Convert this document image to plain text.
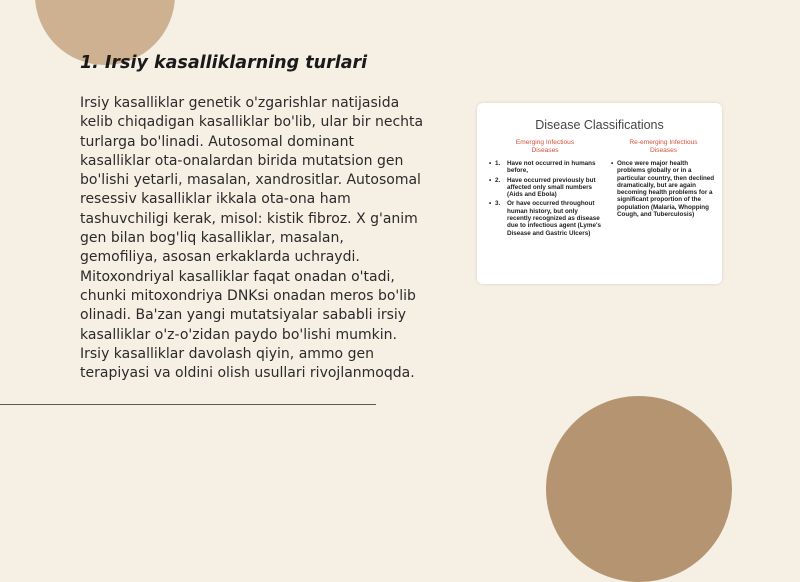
1. Irsiy kasalliklarning turlari
Irsiy kasalliklar genetik o'zgarishlar natijasida kelib chiqadigan kasalliklar bo'lib, ular bir nechta turlarga bo'linadi. Autosomal dominant kasalliklar ota-onalardan birida mutatsion gen bo'lishi yetarli, masalan, xandrositlar. Autosomal resessiv kasalliklar ikkala ota-ona ham tashuvchiligi kerak, misol: kistik fibroz. X g'anim gen bilan bog'liq kasalliklar, masalan, gemofiliya, asosan erkaklarda uchraydi. Mitoxondriyal kasalliklar faqat onadan o'tadi, chunki mitoxondriya DNKsi onadan meros bo'lib olinadi. Ba'zan yangi mutatsiyalar sababli irsiy kasalliklar o'z-o'zidan paydo bo'lishi mumkin. Irsiy kasalliklar davolash qiyin, ammo gen terapiyasi va oldini olish usullari rivojlanmoqda.
Disease Classifications
Emerging Infectious
Diseases
• 1.	Have not occurred in humans before,
• 2.	Have occurred previously but affected only small numbers (Aids and Ebola)
• 3.	Or have occurred throughout human history, but only recently recognized as disease due to infectious agent (Lyme's Disease and Gastric Ulcers)
Re-emerging Infectious
Diseases
• Once were major health problems globally or in a particular country, then declined dramatically, but are again becoming health problems for a significant proportion of the population (Malaria, Whopping Cough, and Tuberculosis)
